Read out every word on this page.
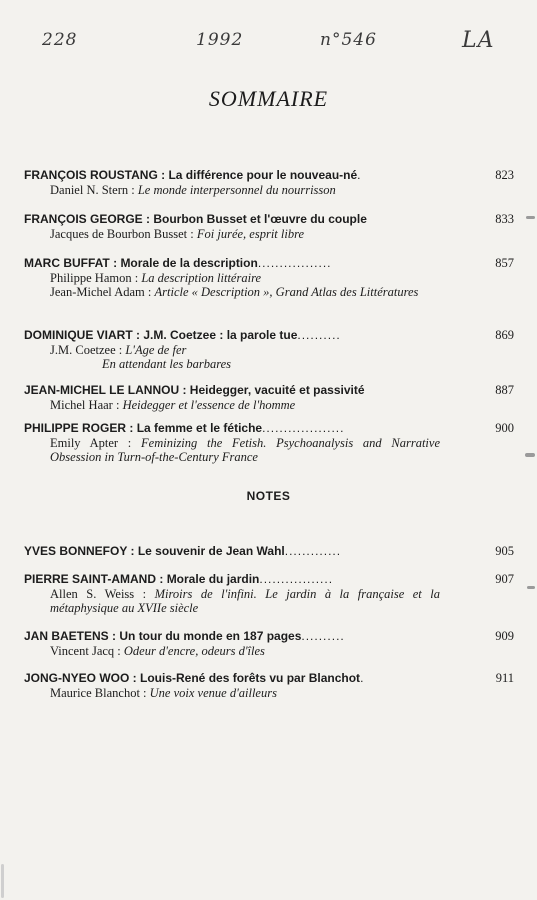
228	1992	n°546	LA
SOMMAIRE
FRANÇOIS ROUSTANG : La différence pour le nouveau-né.	823
Daniel N. Stern : Le monde interpersonnel du nourrisson
FRANÇOIS GEORGE : Bourbon Busset et l'œuvre du couple	833
Jacques de Bourbon Busset : Foi jurée, esprit libre
MARC BUFFAT : Morale de la description.................	857
Philippe Hamon : La description littéraire
Jean-Michel Adam : Article « Description », Grand Atlas des Littératures
DOMINIQUE VIART : J.M. Coetzee : la parole tue..........	869
J.M. Coetzee : L'Age de fer
En attendant les barbares
JEAN-MICHEL LE LANNOU : Heidegger, vacuité et passivité	887
Michel Haar : Heidegger et l'essence de l'homme
PHILIPPE ROGER : La femme et le fétiche...................	900
Emily Apter : Feminizing the Fetish. Psychoanalysis and Narrative Obsession in Turn-of-the-Century France
NOTES
YVES BONNEFOY : Le souvenir de Jean Wahl.............	905
PIERRE SAINT-AMAND : Morale du jardin.................	907
Allen S. Weiss : Miroirs de l'infini. Le jardin à la française et la métaphysique au XVIIe siècle
JAN BAETENS : Un tour du monde en 187 pages..........	909
Vincent Jacq : Odeur d'encre, odeurs d'îles
JONG-NYEO WOO : Louis-René des forêts vu par Blanchot.	911
Maurice Blanchot : Une voix venue d'ailleurs
